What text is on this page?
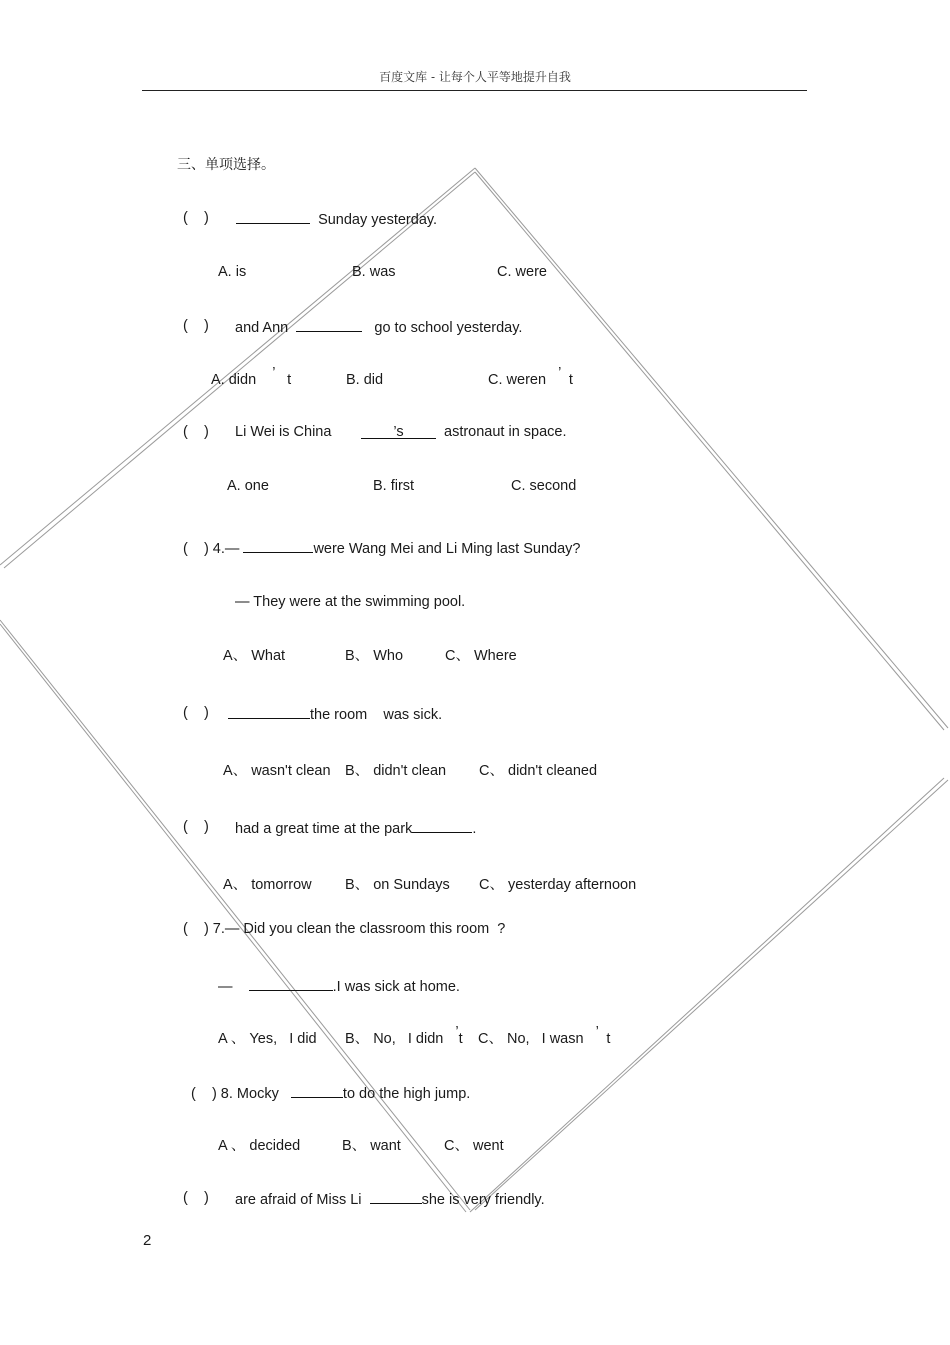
百度文库 - 让每个人平等地提升自我
三、单项选择。
(    )	Sunday yesterday.
A. is	B. was	C. were
(    ) and Ann	go to school yesterday.
A. didn ’ t	B. did	C. weren ’ t
(    ) Li Wei is China	’s	astronaut in space.
A. one	B. first	C. second
(    ) 4.—	were Wang Mei and Li Ming last Sunday?
— They were at the swimming pool.
A、 What	B、 Who	C、 Where
(    )	the room was sick.
A、 wasn't clean B、 didn't clean C、 didn't cleaned
(    ) had a great time at the park	.
A、 tomorrow B、 on Sundays C、 yesterday afternoon
(    ) 7.— Did you clean the classroom this room  ?
—	.I was sick at home.
A 、 Yes,   I did B、 No,   I didn ’t C、 No,   I wasn ’ t
(    ) 8. Mocky	to do the high jump.
A 、 decided	B、 want	C、 went
(    ) are afraid of Miss Li	she is very friendly.
2
